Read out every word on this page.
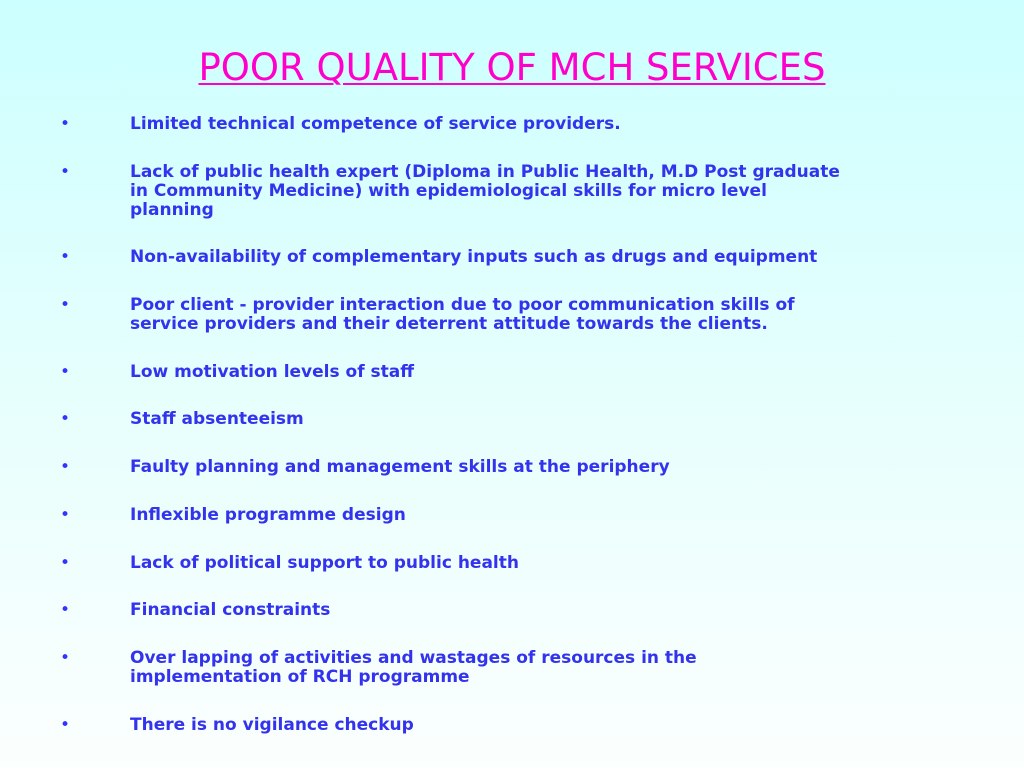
POOR QUALITY OF MCH SERVICES
•	Limited technical competence of service providers.
•	Lack of public health expert (Diploma in Public Health, M.D Post graduate
in Community Medicine) with epidemiological skills for micro level
planning
•	Non-availability of complementary inputs such as drugs and equipment
•	Poor client - provider interaction due to poor communication skills of
service providers and their deterrent attitude towards the clients.
•	Low motivation levels of staff
•	Staff absenteeism
•	Faulty planning and management skills at the periphery
•	Inflexible programme design
•	Lack of political support to public health
•	Financial constraints
•	Over lapping of activities and wastages of resources in the
implementation of RCH programme
•	There is no vigilance checkup
